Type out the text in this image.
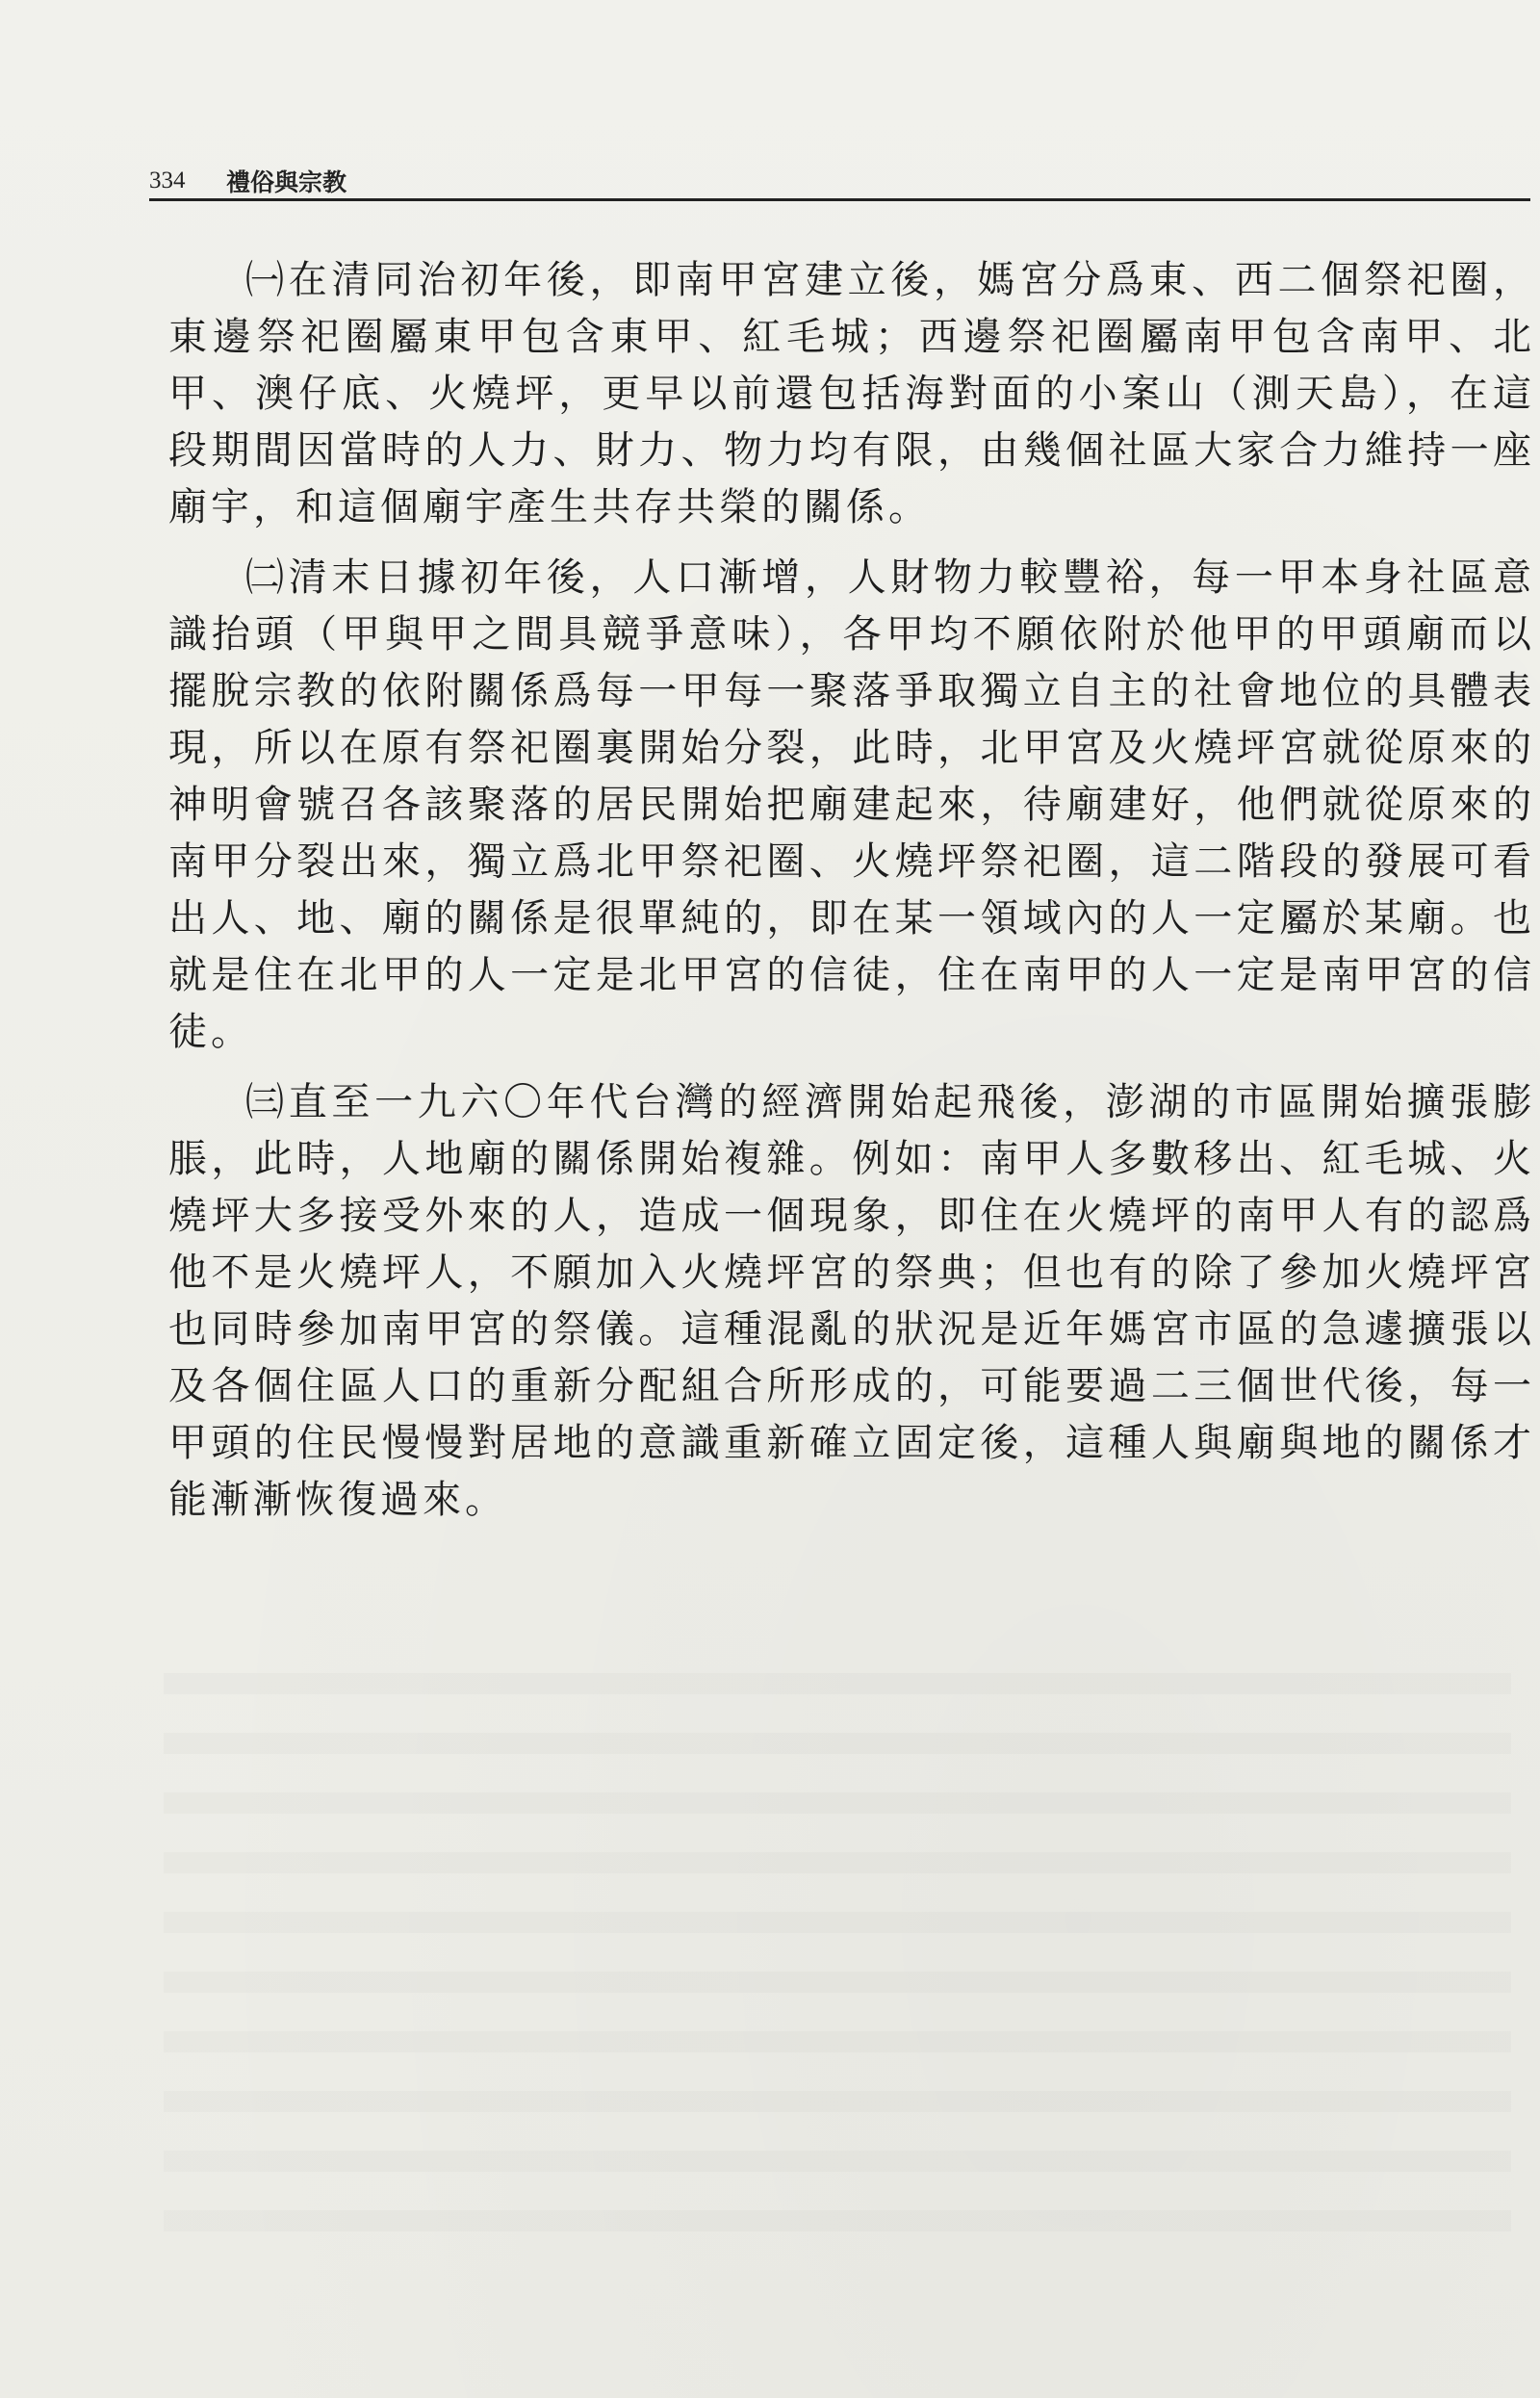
334 禮俗與宗教

㈠在清同治初年後，即南甲宮建立後，媽宮分爲東、西二個祭祀圈，東邊祭祀圈屬東甲包含東甲、紅毛城；西邊祭祀圈屬南甲包含南甲、北甲、澳仔底、火燒坪，更早以前還包括海對面的小案山（測天島），在這段期間因當時的人力、財力、物力均有限，由幾個社區大家合力維持一座廟宇，和這個廟宇產生共存共榮的關係。

㈡清末日據初年後，人口漸增，人財物力較豐裕，每一甲本身社區意識抬頭（甲與甲之間具競爭意味），各甲均不願依附於他甲的甲頭廟而以擺脫宗教的依附關係爲每一甲每一聚落爭取獨立自主的社會地位的具體表現，所以在原有祭祀圈裏開始分裂，此時，北甲宮及火燒坪宮就從原來的神明會號召各該聚落的居民開始把廟建起來，待廟建好，他們就從原來的南甲分裂出來，獨立爲北甲祭祀圈、火燒坪祭祀圈，這二階段的發展可看出人、地、廟的關係是很單純的，即在某一領域內的人一定屬於某廟。也就是住在北甲的人一定是北甲宮的信徒，住在南甲的人一定是南甲宮的信徒。

㈢直至一九六〇年代台灣的經濟開始起飛後，澎湖的市區開始擴張膨脹，此時，人地廟的關係開始複雜。例如：南甲人多數移出、紅毛城、火燒坪大多接受外來的人，造成一個現象，即住在火燒坪的南甲人有的認爲他不是火燒坪人，不願加入火燒坪宮的祭典；但也有的除了參加火燒坪宮也同時參加南甲宮的祭儀。這種混亂的狀況是近年媽宮市區的急遽擴張以及各個住區人口的重新分配組合所形成的，可能要過二三個世代後，每一甲頭的住民慢慢對居地的意識重新確立固定後，這種人與廟與地的關係才能漸漸恢復過來。
